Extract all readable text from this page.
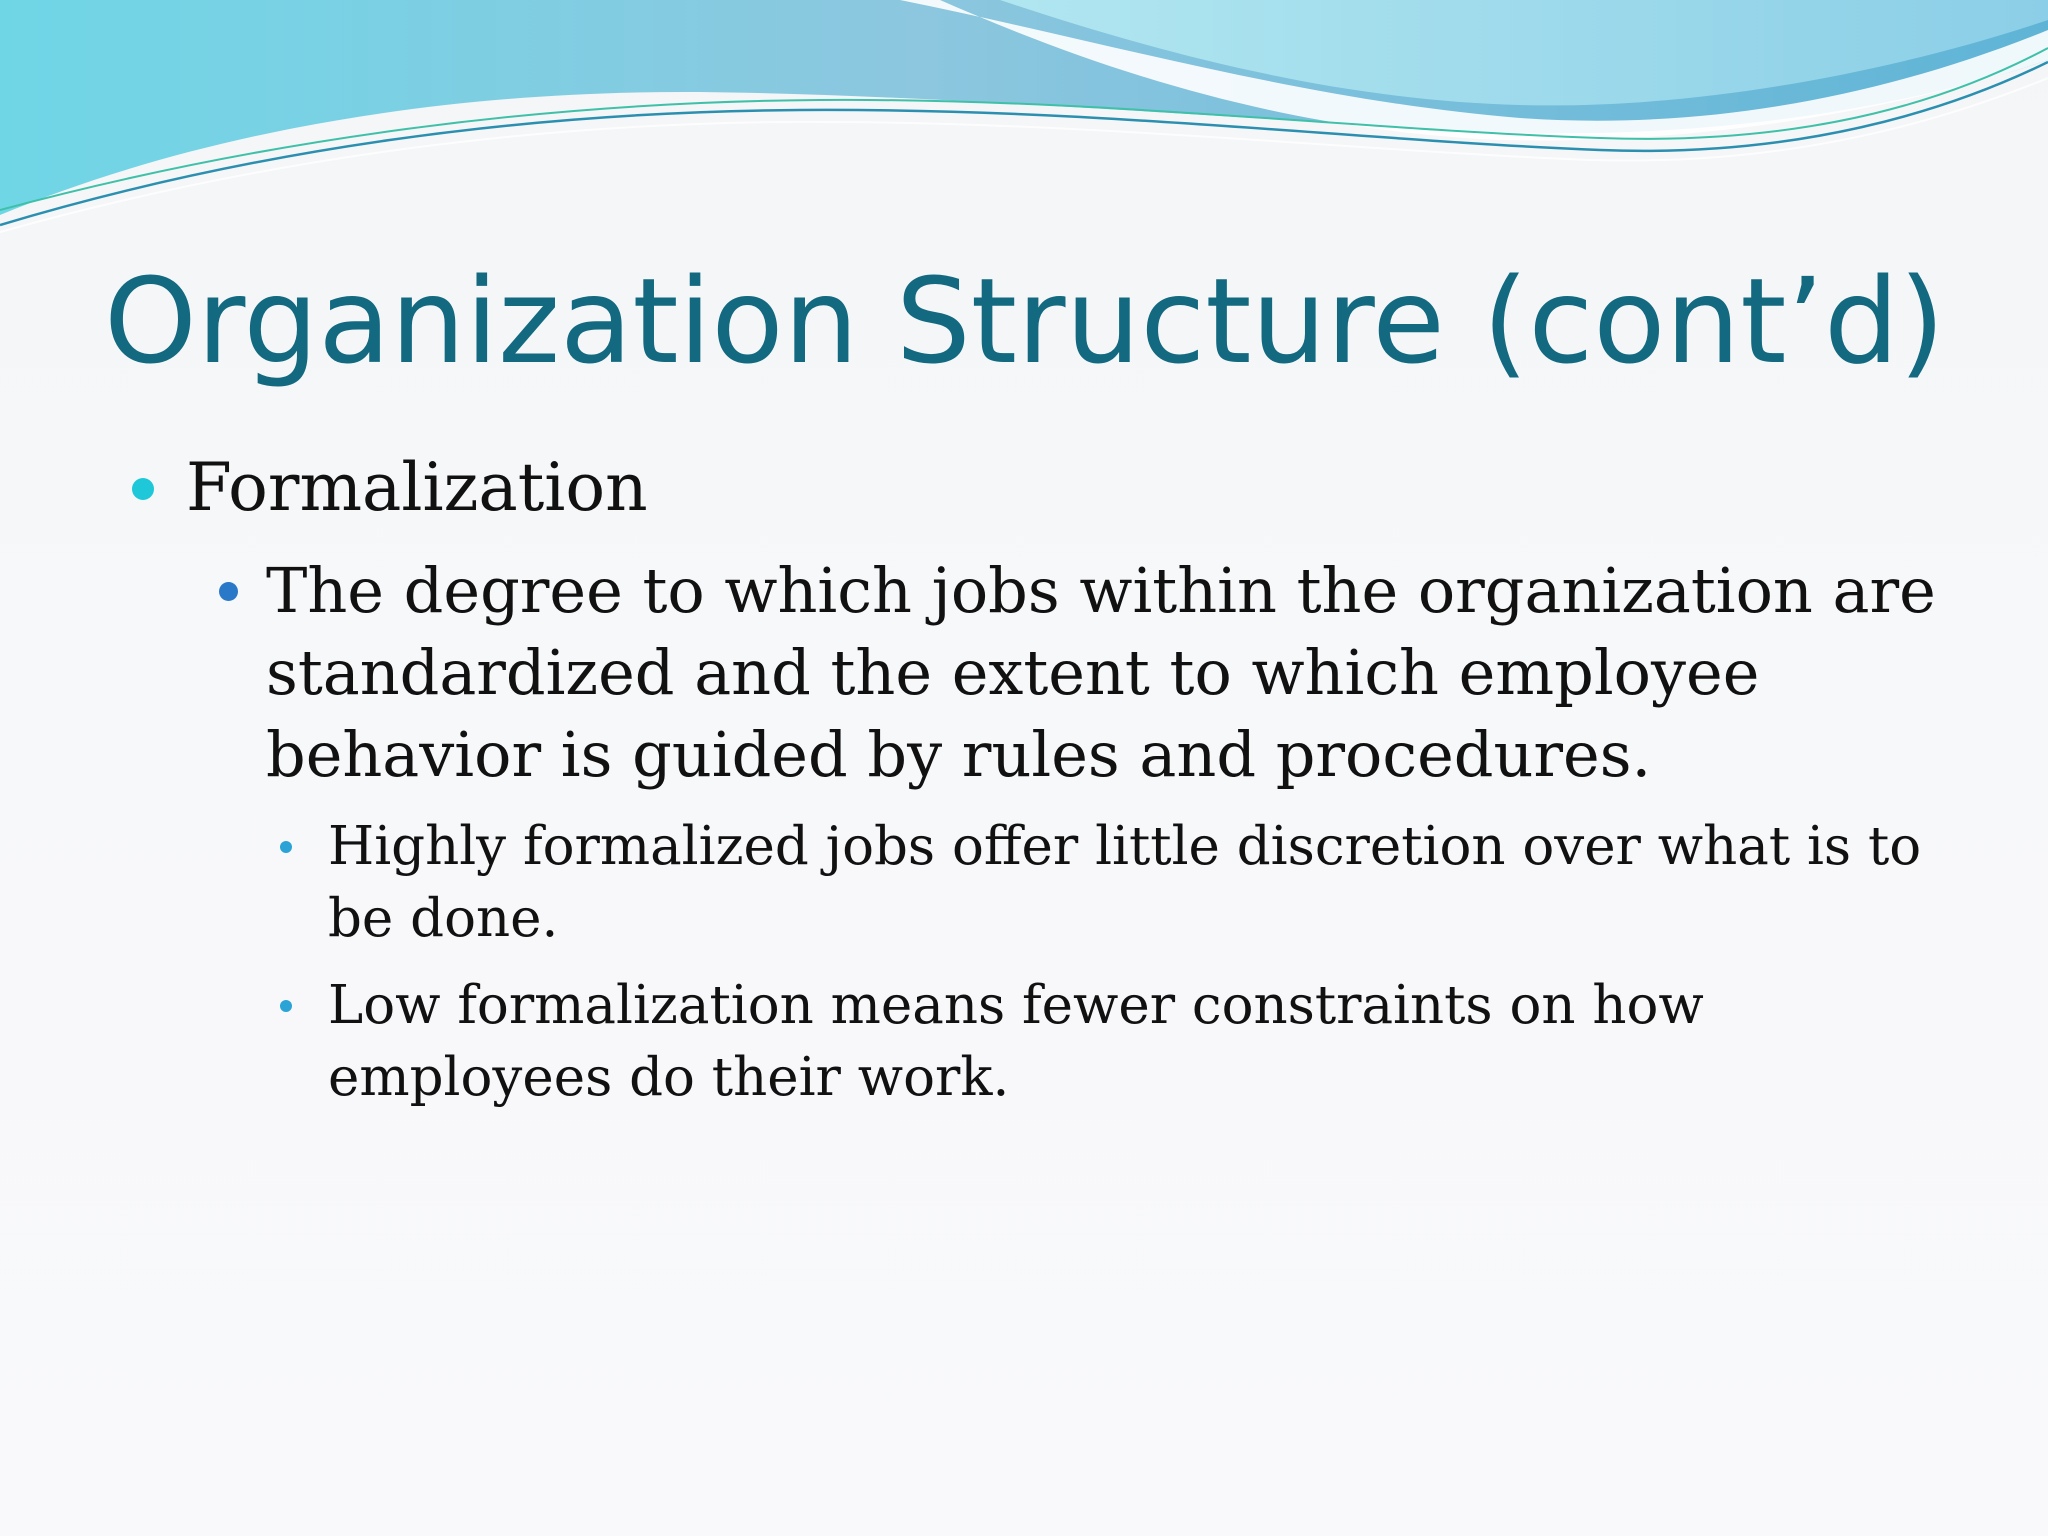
Organization Structure (cont’d)

Formalization

The degree to which jobs within the organization are standardized and the extent to which employee behavior is guided by rules and procedures.

Highly formalized jobs offer little discretion over what is to be done.

Low formalization means fewer constraints on how employees do their work.
